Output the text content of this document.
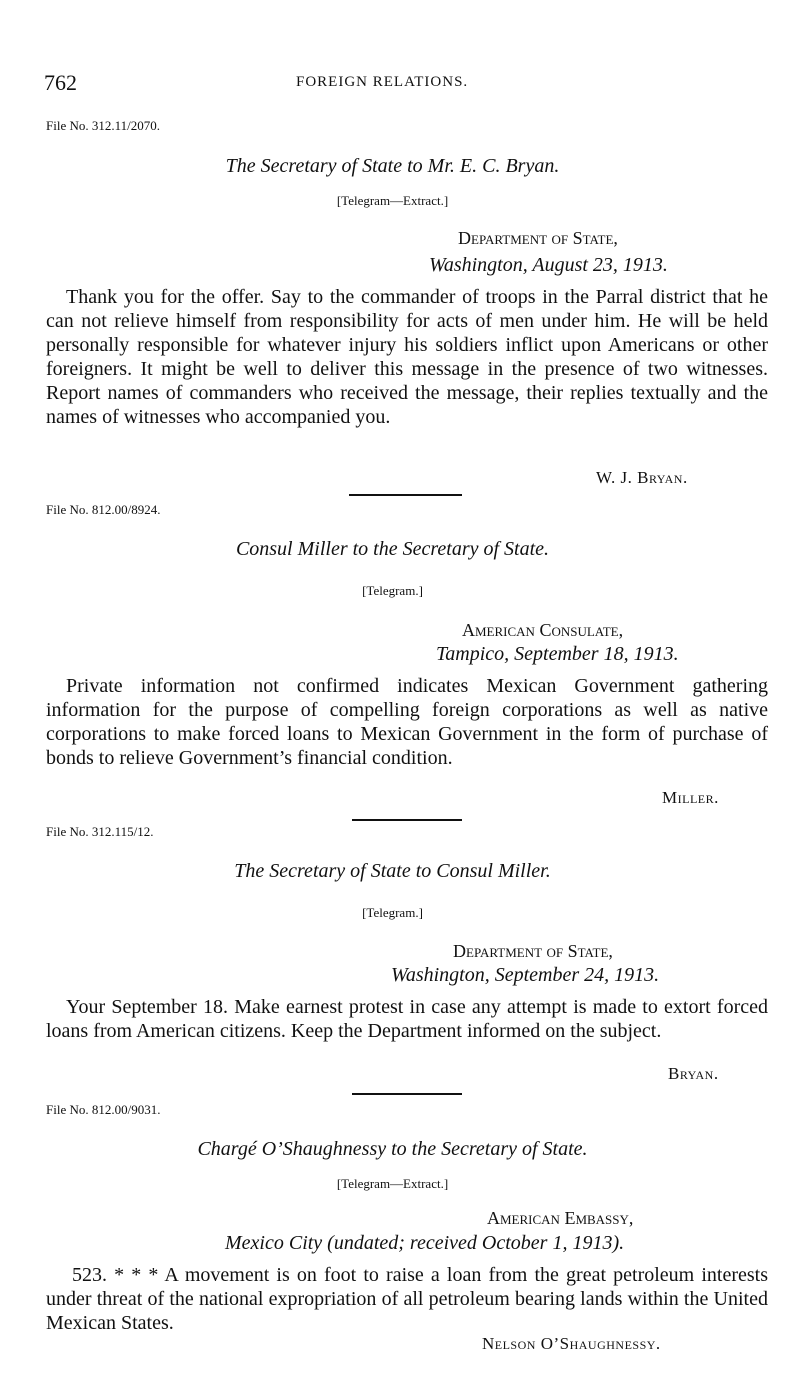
762	FOREIGN RELATIONS.
File No. 312.11/2070.
The Secretary of State to Mr. E. C. Bryan.
[Telegram—Extract.]
Department of State,
Washington, August 23, 1913.

Thank you for the offer. Say to the commander of troops in the Parral district that he can not relieve himself from responsibility for acts of men under him. He will be held personally responsible for whatever injury his soldiers inflict upon Americans or other foreigners. It might be well to deliver this message in the presence of two witnesses. Report names of commanders who received the message, their replies textually and the names of witnesses who accompanied you.

W. J. Bryan.
File No. 812.00/8924.
Consul Miller to the Secretary of State.
[Telegram.]
American Consulate,
Tampico, September 18, 1913.

Private information not confirmed indicates Mexican Government gathering information for the purpose of compelling foreign corporations as well as native corporations to make forced loans to Mexican Government in the form of purchase of bonds to relieve Government’s financial condition.

Miller.
File No. 312.115/12.
The Secretary of State to Consul Miller.
[Telegram.]
Department of State,
Washington, September 24, 1913.

Your September 18. Make earnest protest in case any attempt is made to extort forced loans from American citizens. Keep the Department informed on the subject.

Bryan.
File No. 812.00/9031.
Chargé O’Shaughnessy to the Secretary of State.
[Telegram—Extract.]
American Embassy,
Mexico City (undated; received October 1, 1913).

523. * * * A movement is on foot to raise a loan from the great petroleum interests under threat of the national expropriation of all petroleum bearing lands within the United Mexican States.

Nelson O’Shaughnessy.
